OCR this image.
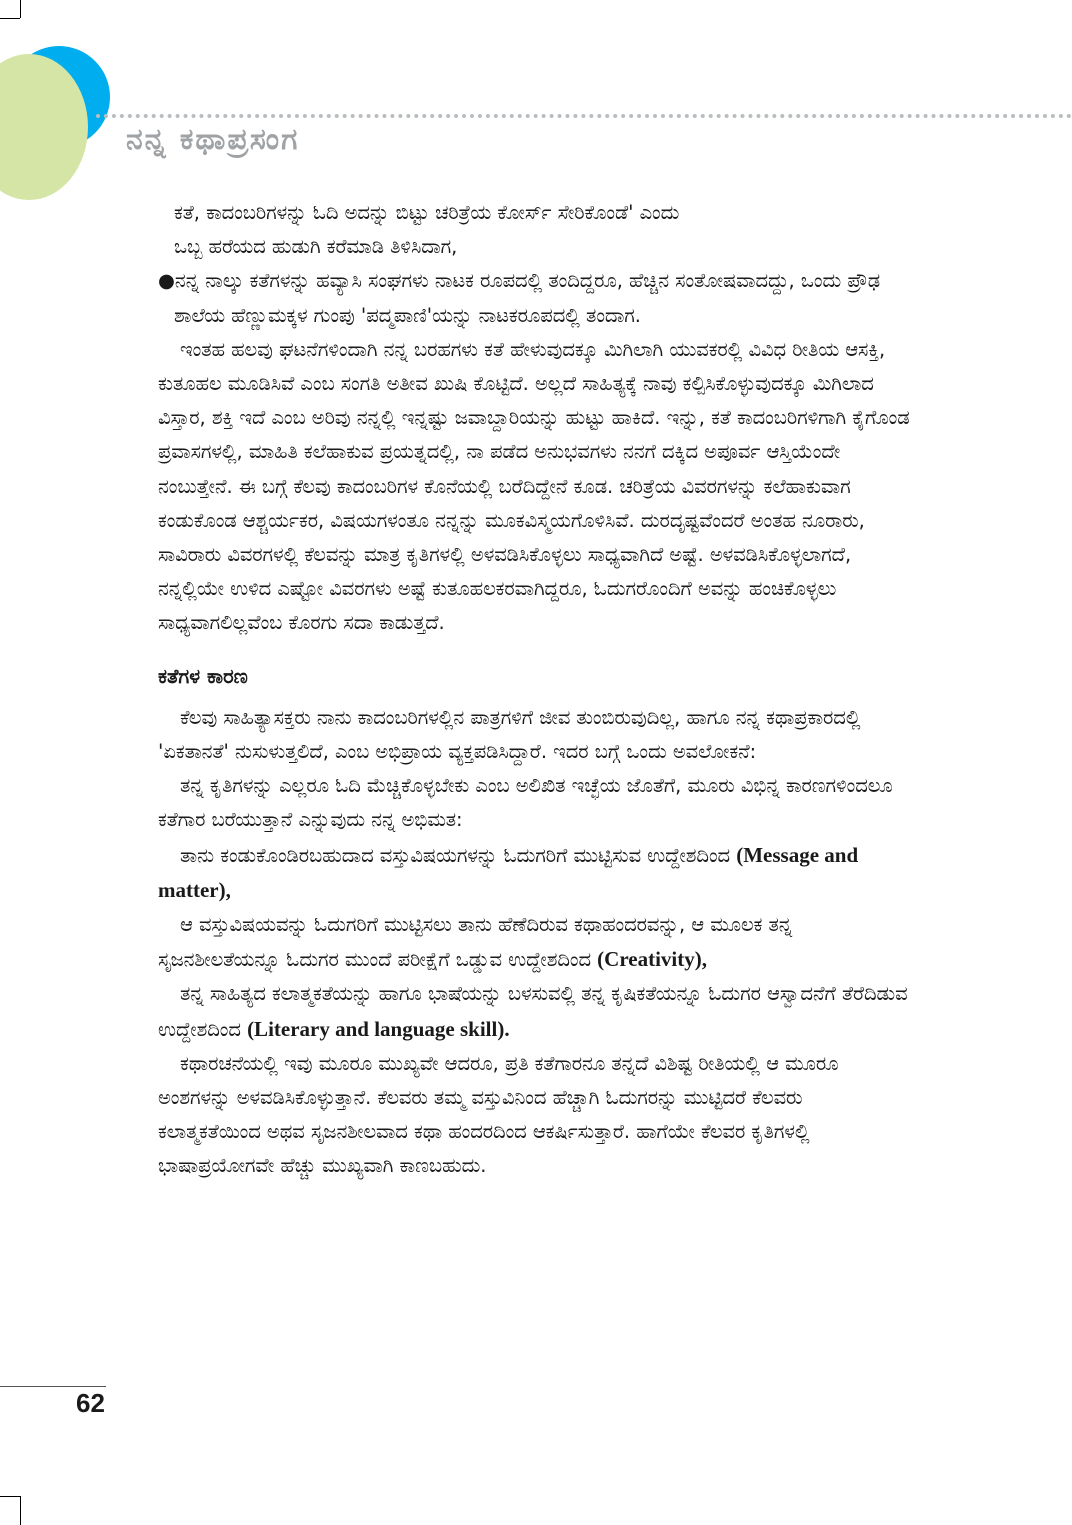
ನನ್ನ ಕಥಾಪ್ರಸಂಗ

ಕತೆ, ಕಾದಂಬರಿಗಳನ್ನು ಓದಿ ಅದನ್ನು ಬಿಟ್ಟು ಚರಿತ್ರೆಯ ಕೋರ್ಸ್ ಸೇರಿಕೊಂಡೆ' ಎಂದು

ಒಬ್ಬ ಹರೆಯದ ಹುಡುಗಿ ಕರೆಮಾಡಿ ತಿಳಿಸಿದಾಗ,

●ನನ್ನ ನಾಲ್ಕು ಕತೆಗಳನ್ನು ಹವ್ಯಾಸಿ ಸಂಘಗಳು ನಾಟಕ ರೂಪದಲ್ಲಿ ತಂದಿದ್ದರೂ, ಹೆಚ್ಚಿನ ಸಂತೋಷವಾದದ್ದು, ಒಂದು ಪ್ರೌಢ ಶಾಲೆಯ ಹೆಣ್ಣುಮಕ್ಕಳ ಗುಂಪು 'ಪದ್ಮಪಾಣಿ'ಯನ್ನು ನಾಟಕರೂಪದಲ್ಲಿ ತಂದಾಗ.

ಇಂತಹ ಹಲವು ಘಟನೆಗಳಿಂದಾಗಿ ನನ್ನ ಬರಹಗಳು ಕತೆ ಹೇಳುವುದಕ್ಕೂ ಮಿಗಿಲಾಗಿ ಯುವಕರಲ್ಲಿ ವಿವಿಧ ರೀತಿಯ ಆಸಕ್ತಿ, ಕುತೂಹಲ ಮೂಡಿಸಿವೆ ಎಂಬ ಸಂಗತಿ ಅತೀವ ಖುಷಿ ಕೊಟ್ಟಿದೆ. ಅಲ್ಲದೆ ಸಾಹಿತ್ಯಕ್ಕೆ ನಾವು ಕಲ್ಪಿಸಿಕೊಳ್ಳುವುದಕ್ಕೂ ಮಿಗಿಲಾದ ವಿಸ್ತಾರ, ಶಕ್ತಿ ಇದೆ ಎಂಬ ಅರಿವು ನನ್ನಲ್ಲಿ ಇನ್ನಷ್ಟು ಜವಾಬ್ದಾರಿಯನ್ನು ಹುಟ್ಟು ಹಾಕಿದೆ. ಇನ್ನು, ಕತೆ ಕಾದಂಬರಿಗಳಿಗಾಗಿ ಕೈಗೊಂಡ ಪ್ರವಾಸಗಳಲ್ಲಿ, ಮಾಹಿತಿ ಕಲೆಹಾಕುವ ಪ್ರಯತ್ನದಲ್ಲಿ, ನಾ ಪಡೆದ ಅನುಭವಗಳು ನನಗೆ ದಕ್ಕಿದ ಅಪೂರ್ವ ಆಸ್ತಿಯೆಂದೇ ನಂಬುತ್ತೇನೆ. ಈ ಬಗ್ಗೆ ಕೆಲವು ಕಾದಂಬರಿಗಳ ಕೊನೆಯಲ್ಲಿ ಬರೆದಿದ್ದೇನೆ ಕೂಡ. ಚರಿತ್ರೆಯ ವಿವರಗಳನ್ನು ಕಲೆಹಾಕುವಾಗ ಕಂಡುಕೊಂಡ ಆಶ್ಚರ್ಯಕರ, ವಿಷಯಗಳಂತೂ ನನ್ನನ್ನು ಮೂಕವಿಸ್ಮಯಗೊಳಿಸಿವೆ. ದುರದೃಷ್ಟವೆಂದರೆ ಅಂತಹ ನೂರಾರು, ಸಾವಿರಾರು ವಿವರಗಳಲ್ಲಿ ಕೆಲವನ್ನು ಮಾತ್ರ ಕೃತಿಗಳಲ್ಲಿ ಅಳವಡಿಸಿಕೊಳ್ಳಲು ಸಾಧ್ಯವಾಗಿದೆ ಅಷ್ಟೆ. ಅಳವಡಿಸಿಕೊಳ್ಳಲಾಗದೆ, ನನ್ನಲ್ಲಿಯೇ ಉಳಿದ ಎಷ್ಟೋ ವಿವರಗಳು ಅಷ್ಟೆ ಕುತೂಹಲಕರವಾಗಿದ್ದರೂ, ಓದುಗರೊಂದಿಗೆ ಅವನ್ನು ಹಂಚಿಕೊಳ್ಳಲು ಸಾಧ್ಯವಾಗಲಿಲ್ಲವೆಂಬ ಕೊರಗು ಸದಾ ಕಾಡುತ್ತದೆ.

ಕತೆಗಳ ಕಾರಣ

ಕೆಲವು ಸಾಹಿತ್ಯಾಸಕ್ತರು ನಾನು ಕಾದಂಬರಿಗಳಲ್ಲಿನ ಪಾತ್ರಗಳಿಗೆ ಜೀವ ತುಂಬಿರುವುದಿಲ್ಲ, ಹಾಗೂ ನನ್ನ ಕಥಾಪ್ರಕಾರದಲ್ಲಿ 'ಏಕತಾನತೆ' ನುಸುಳುತ್ತಲಿದೆ, ಎಂಬ ಅಭಿಪ್ರಾಯ ವ್ಯಕ್ತಪಡಿಸಿದ್ದಾರೆ. ಇದರ ಬಗ್ಗೆ ಒಂದು ಅವಲೋಕನೆ:

ತನ್ನ ಕೃತಿಗಳನ್ನು ಎಲ್ಲರೂ ಓದಿ ಮೆಚ್ಚಿಕೊಳ್ಳಬೇಕು ಎಂಬ ಅಲಿಖಿತ ಇಚ್ಛೆಯ ಜೊತೆಗೆ, ಮೂರು ವಿಭಿನ್ನ ಕಾರಣಗಳಿಂದಲೂ ಕತೆಗಾರ ಬರೆಯುತ್ತಾನೆ ಎನ್ನುವುದು ನನ್ನ ಅಭಿಮತ:

ತಾನು ಕಂಡುಕೊಂಡಿರಬಹುದಾದ ವಸ್ತುವಿಷಯಗಳನ್ನು ಓದುಗರಿಗೆ ಮುಟ್ಟಿಸುವ ಉದ್ದೇಶದಿಂದ (Message and matter),

ಆ ವಸ್ತುವಿಷಯವನ್ನು ಓದುಗರಿಗೆ ಮುಟ್ಟಿಸಲು ತಾನು ಹೆಣೆದಿರುವ ಕಥಾಹಂದರವನ್ನು, ಆ ಮೂಲಕ ತನ್ನ ಸೃಜನಶೀಲತೆಯನ್ನೂ ಓದುಗರ ಮುಂದೆ ಪರೀಕ್ಷೆಗೆ ಒಡ್ಡುವ ಉದ್ದೇಶದಿಂದ (Creativity),

ತನ್ನ ಸಾಹಿತ್ಯದ ಕಲಾತ್ಮಕತೆಯನ್ನು ಹಾಗೂ ಭಾಷೆಯನ್ನು ಬಳಸುವಲ್ಲಿ ತನ್ನ ಕೃಷಿಕತೆಯನ್ನೂ ಓದುಗರ ಆಸ್ವಾದನೆಗೆ ತೆರೆದಿಡುವ ಉದ್ದೇಶದಿಂದ (Literary and language skill).

ಕಥಾರಚನೆಯಲ್ಲಿ ಇವು ಮೂರೂ ಮುಖ್ಯವೇ ಆದರೂ, ಪ್ರತಿ ಕತೆಗಾರನೂ ತನ್ನದೆ ವಿಶಿಷ್ಟ ರೀತಿಯಲ್ಲಿ ಆ ಮೂರೂ ಅಂಶಗಳನ್ನು ಅಳವಡಿಸಿಕೊಳ್ಳುತ್ತಾನೆ. ಕೆಲವರು ತಮ್ಮ ವಸ್ತುವಿನಿಂದ ಹೆಚ್ಚಾಗಿ ಓದುಗರನ್ನು ಮುಟ್ಟಿದರೆ ಕೆಲವರು ಕಲಾತ್ಮಕತೆಯಿಂದ ಅಥವ ಸೃಜನಶೀಲವಾದ ಕಥಾ ಹಂದರದಿಂದ ಆಕರ್ಷಿಸುತ್ತಾರೆ. ಹಾಗೆಯೇ ಕೆಲವರ ಕೃತಿಗಳಲ್ಲಿ ಭಾಷಾಪ್ರಯೋಗವೇ ಹೆಚ್ಚು ಮುಖ್ಯವಾಗಿ ಕಾಣಬಹುದು.

62
